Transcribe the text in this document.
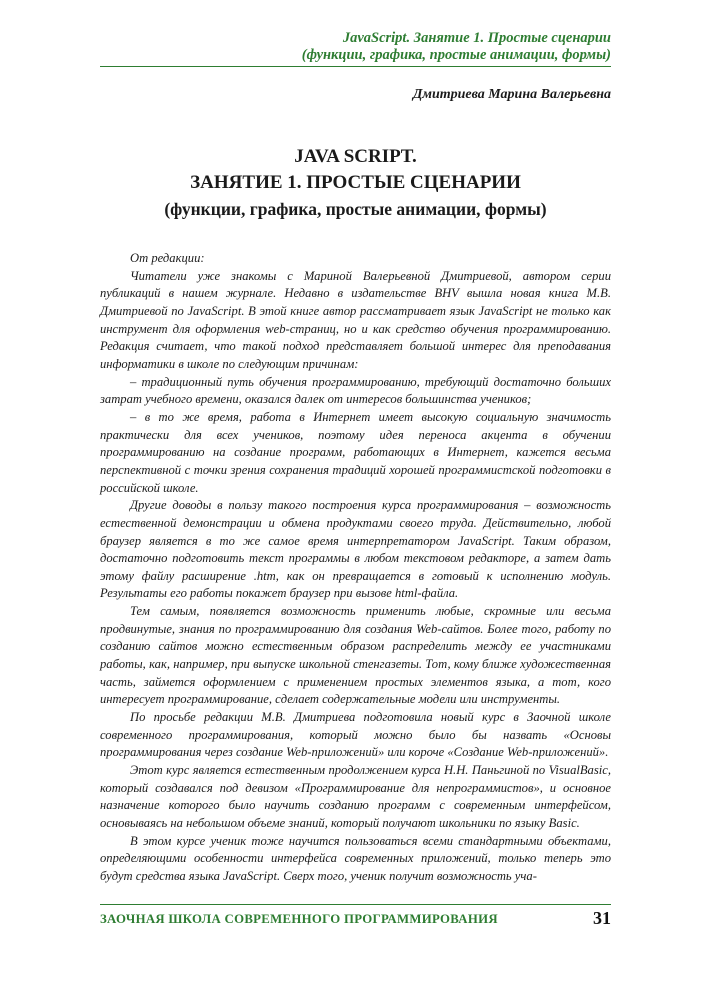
JavaScript. Занятие 1. Простые сценарии
(функции, графика, простые анимации, формы)
Дмитриева Марина Валерьевна
JAVA SCRIPT.
ЗАНЯТИЕ 1. ПРОСТЫЕ СЦЕНАРИИ
(функции, графика, простые анимации, формы)

От редакции:

Читатели уже знакомы с Мариной Валерьевной Дмитриевой, автором серии публикаций в нашем журнале. Недавно в издательстве BHV вышла новая книга М.В. Дмитриевой по JavaScript. В этой книге автор рассматривает язык JavaScript не только как инструмент для оформления web-страниц, но и как средство обучения программированию. Редакция считает, что такой подход представляет большой интерес для преподавания информатики в школе по следующим причинам:

– традиционный путь обучения программированию, требующий достаточно больших затрат учебного времени, оказался далек от интересов большинства учеников;

– в то же время, работа в Интернет имеет высокую социальную значимость практически для всех учеников, поэтому идея переноса акцента в обучении программированию на создание программ, работающих в Интернет, кажется весьма перспективной с точки зрения сохранения традиций хорошей программистской подготовки в российской школе.

Другие доводы в пользу такого построения курса программирования – возможность естественной демонстрации и обмена продуктами своего труда. Действительно, любой браузер является в то же самое время интерпретатором JavaScript. Таким образом, достаточно подготовить текст программы в любом текстовом редакторе, а затем дать этому файлу расширение .htm, как он превращается в готовый к исполнению модуль. Результаты его работы покажет браузер при вызове html-файла.

Тем самым, появляется возможность применить любые, скромные или весьма продвинутые, знания по программированию для создания Web-сайтов. Более того, работу по созданию сайтов можно естественным образом распределить между ее участниками работы, как, например, при выпуске школьной стенгазеты. Тот, кому ближе художественная часть, займется оформлением с применением простых элементов языка, а тот, кого интересует программирование, сделает содержательные модели или инструменты.

По просьбе редакции М.В. Дмитриева подготовила новый курс в Заочной школе современного программирования, который можно было бы назвать «Основы программирования через создание Web-приложений» или короче «Создание Web-приложений».

Этот курс является естественным продолжением курса Н.Н. Паньгиной по VisualBasic, который создавался под девизом «Программирование для непрограммистов», и основное назначение которого было научить созданию программ с современным интерфейсом, основываясь на небольшом объеме знаний, который получают школьники по языку Basic.

В этом курсе ученик тоже научится пользоваться всеми стандартными объектами, определяющими особенности интерфейса современных приложений, только теперь это будут средства языка JavaScript. Сверх того, ученик получит возможность уча-

ЗАОЧНАЯ ШКОЛА СОВРЕМЕННОГО ПРОГРАММИРОВАНИЯ	31
